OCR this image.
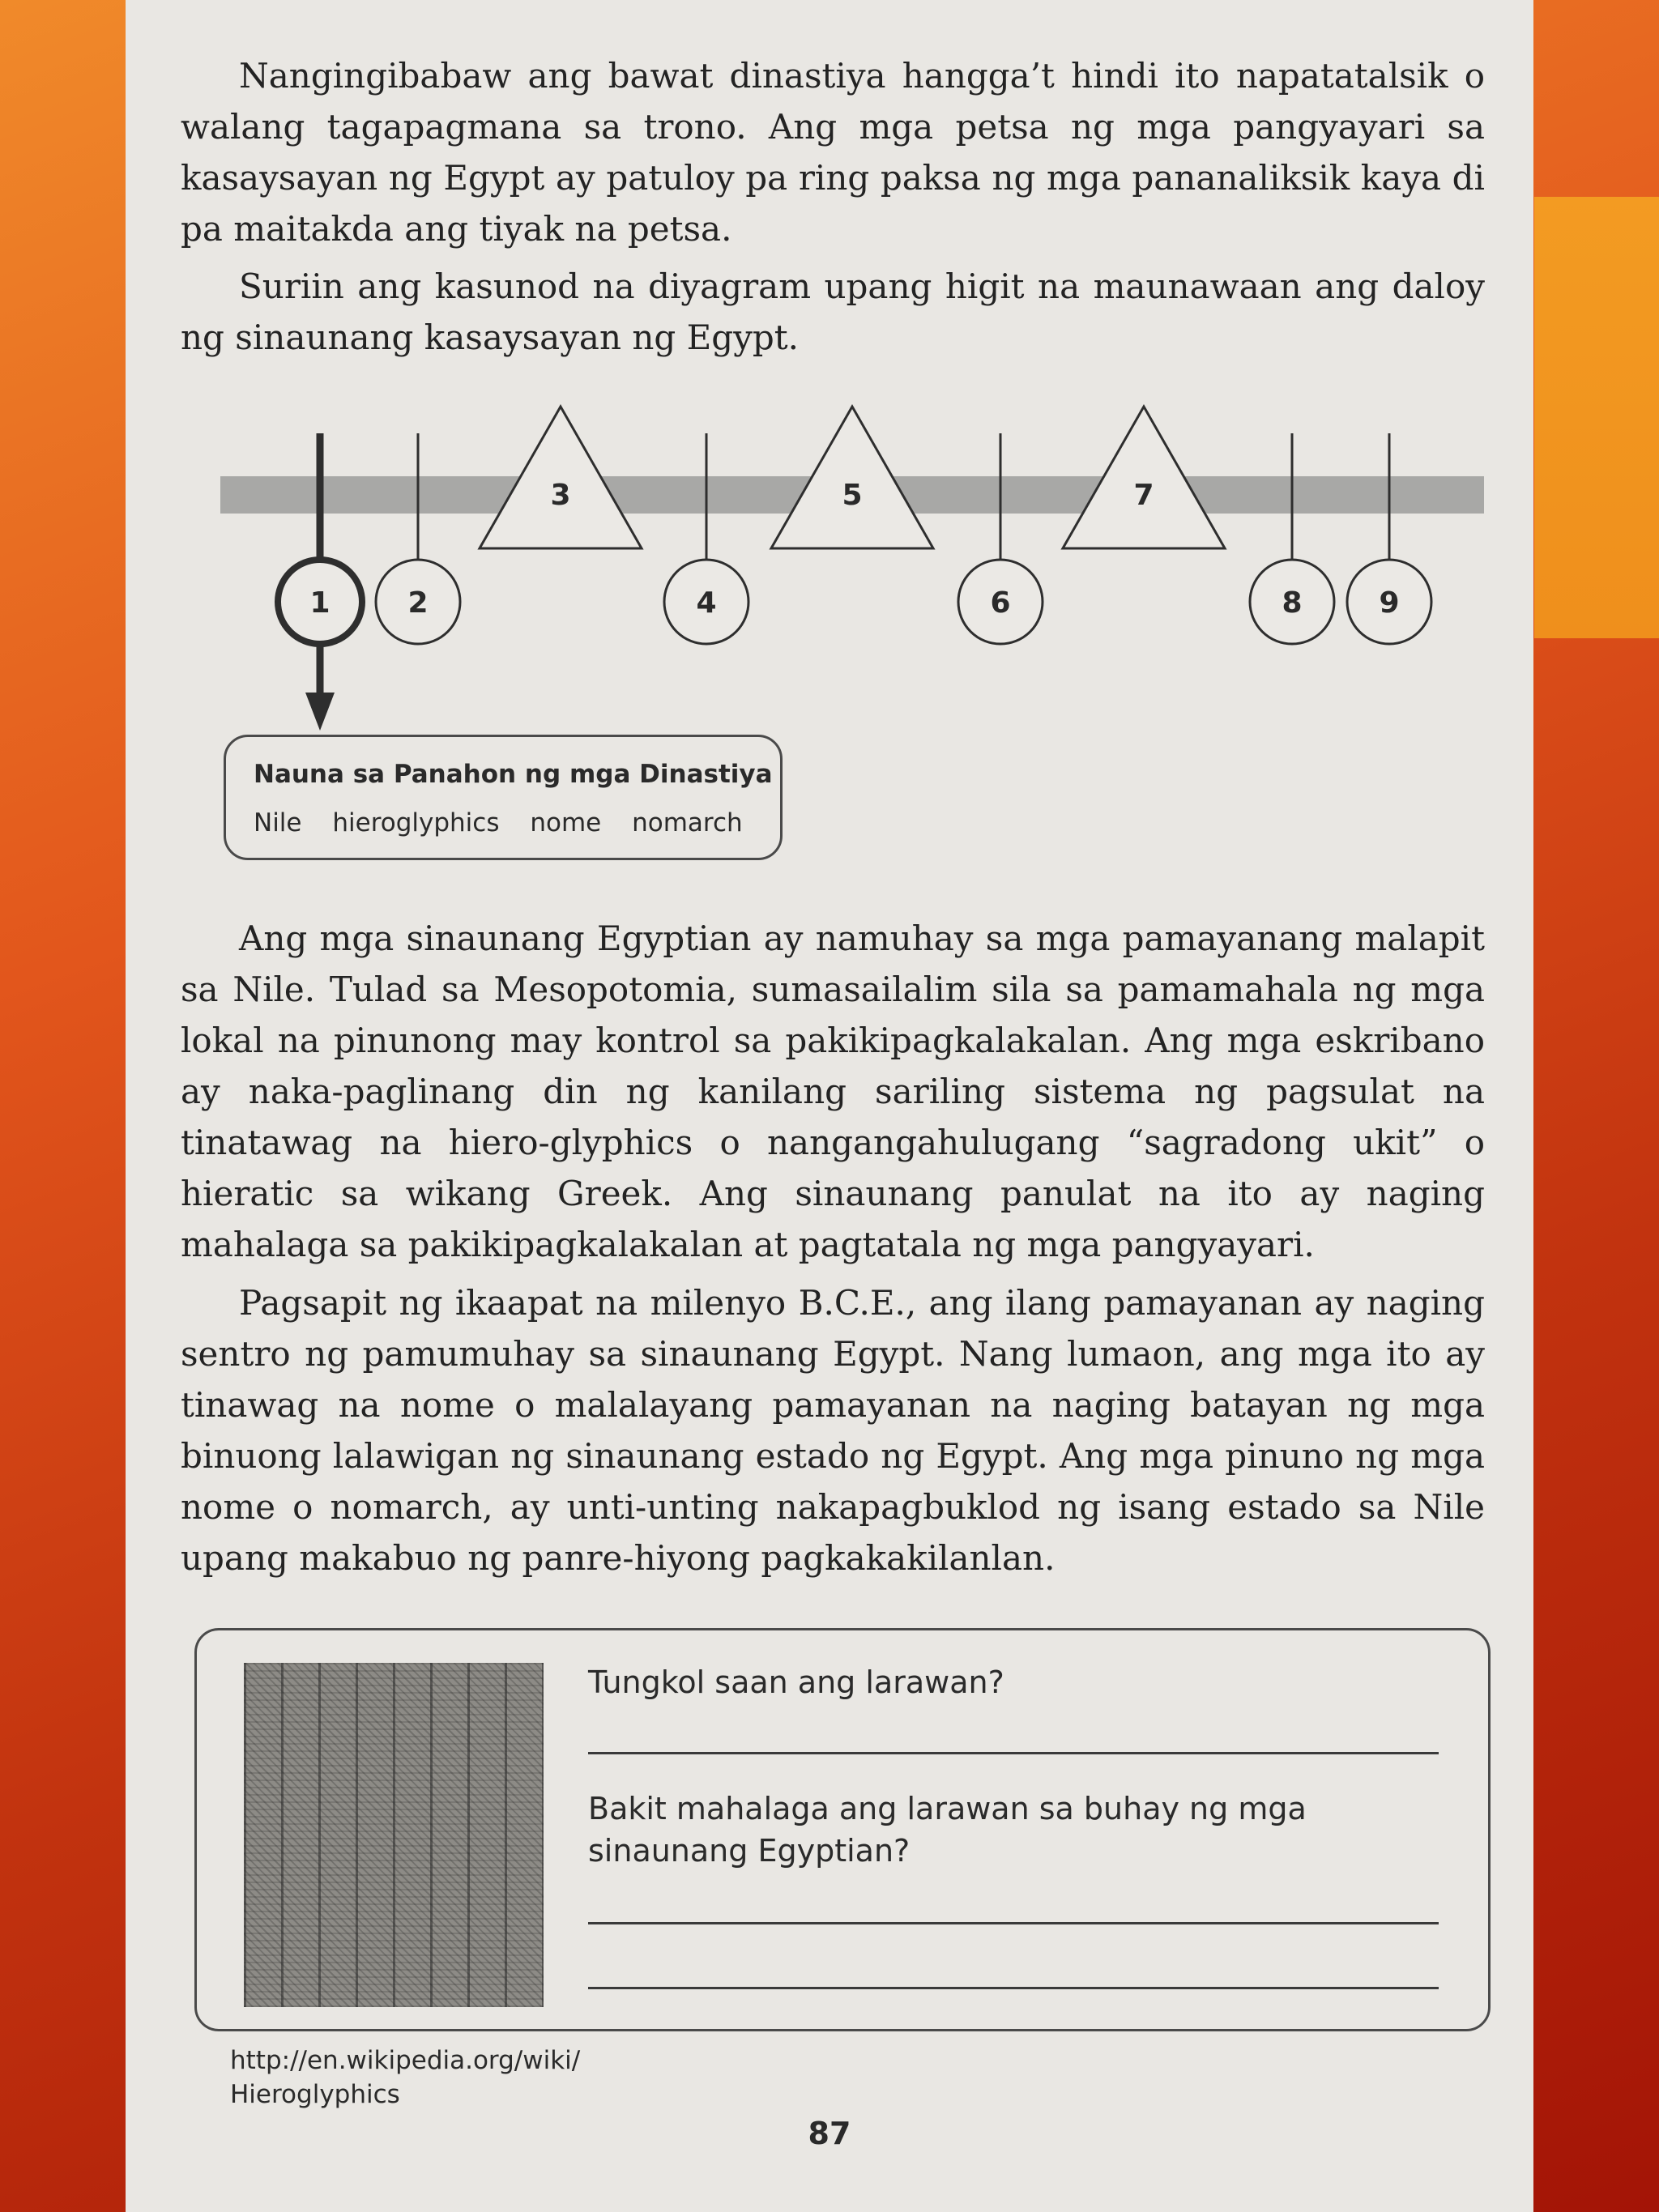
Nangingibabaw ang bawat dinastiya hangga’t hindi ito napatatalsik o walang tagapagmana sa trono. Ang mga petsa ng mga pangyayari sa kasaysayan ng Egypt ay patuloy pa ring paksa ng mga pananaliksik kaya di pa maitakda ang tiyak na petsa.

Suriin ang kasunod na diyagram upang higit na maunawaan ang daloy ng sinaunang kasaysayan ng Egypt.

1	2	4	6	8	9
3	5	7
Nauna sa Panahon ng mga Dinastiya
Nile hieroglyphics nome nomarch

Ang mga sinaunang Egyptian ay namuhay sa mga pamayanang malapit sa Nile. Tulad sa Mesopotomia, sumasailalim sila sa pamamahala ng mga lokal na pinunong may kontrol sa pakikipagkalakalan. Ang mga eskribano ay naka-paglinang din ng kanilang sariling sistema ng pagsulat na tinatawag na hiero-glyphics o nangangahulugang “sagradong ukit” o hieratic sa wikang Greek. Ang sinaunang panulat na ito ay naging mahalaga sa pakikipagkalakalan at pagtatala ng mga pangyayari.

Pagsapit ng ikaapat na milenyo B.C.E., ang ilang pamayanan ay naging sentro ng pamumuhay sa sinaunang Egypt. Nang lumaon, ang mga ito ay tinawag na nome o malalayang pamayanan na naging batayan ng mga binuong lalawigan ng sinaunang estado ng Egypt. Ang mga pinuno ng mga nome o nomarch, ay unti-unting nakapagbuklod ng isang estado sa Nile upang makabuo ng panre-hiyong pagkakakilanlan.

Tungkol saan ang larawan?
Bakit mahalaga ang larawan sa buhay ng mga sinaunang Egyptian?
http://en.wikipedia.org/wiki/
Hieroglyphics
87
